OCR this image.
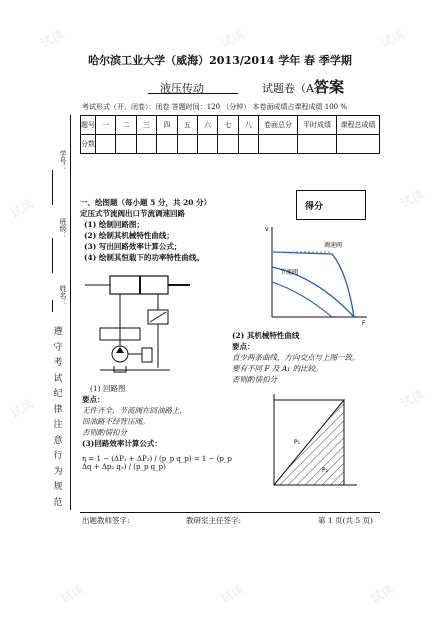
试读	试读	试读
试读	试读
试读	试读
试读	试读	试读
哈尔滨工业大学（威海）2013/2014 学年 春 季学期
液压传动	试题卷（A）
答案
考试形式（开、闭卷）：闭卷 答题时间：120 （分钟） 本卷面成绩占课程成绩 100 %
题号	一	二	三	四	五	六	七	八	卷面总分	平时成绩	课程总成绩
分数											
学号：
班级：
姓名：
遵
守
考
试
纪
律
注
意
行
为
规
范
一、绘图题（每小题 5 分，共 20 分）
定压式节流阀出口节流调速回路
(1) 绘制回路图；
(2) 绘制其机械特性曲线；
(3) 写出回路效率计算公式；
(4) 绘制其恒载下的功率特性曲线。
得分
(1) 回路图
要点：
无件齐全，节流阀在回油路上，
回油路不经背压阀。
否则酌情扣分
(3)回路效率计算公式：
η = 1 − (ΔP₁ + ΔP₂) / (p_p q_p) = 1 − (p_p Δq + Δp₂ q₂) / (p_p q_p)
调速阀
节流阀
F
v
(2) 其机械特性曲线
要点：
直少两条曲线，方向交点与上图一致。
要有不同 F 及 A₁ 的比较。
否则酌情扣分
P₁
P₂
出题教师签字:	教研室主任签字:	第 1 页(共 5 页)
